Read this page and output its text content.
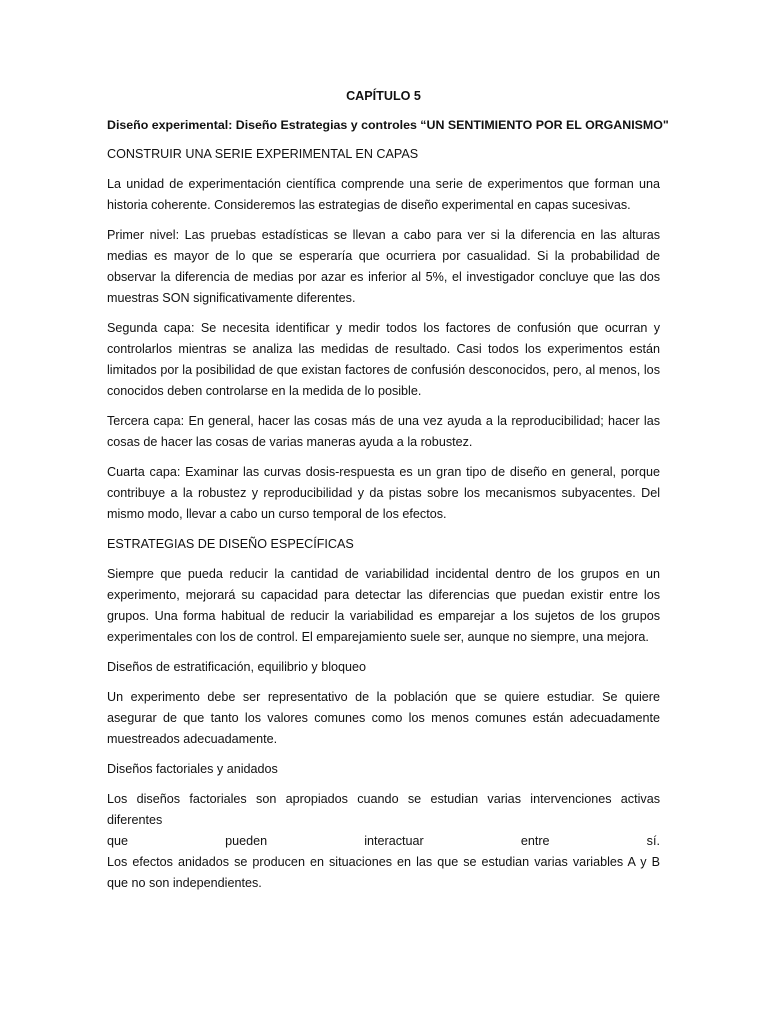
CAPÍTULO 5

Diseño experimental: Diseño Estrategias y controles “UN SENTIMIENTO POR EL ORGANISMO"

CONSTRUIR UNA SERIE EXPERIMENTAL EN CAPAS

La unidad de experimentación científica comprende una serie de experimentos que forman una historia coherente. Consideremos las estrategias de diseño experimental en capas sucesivas.

Primer nivel: Las pruebas estadísticas se llevan a cabo para ver si la diferencia en las alturas medias es mayor de lo que se esperaría que ocurriera por casualidad. Si la probabilidad de observar la diferencia de medias por azar es inferior al 5%, el investigador concluye que las dos muestras SON significativamente diferentes.

Segunda capa: Se necesita identificar y medir todos los factores de confusión que ocurran y controlarlos mientras se analiza las medidas de resultado. Casi todos los experimentos están limitados por la posibilidad de que existan factores de confusión desconocidos, pero, al menos, los conocidos deben controlarse en la medida de lo posible.

Tercera capa: En general, hacer las cosas más de una vez ayuda a la reproducibilidad; hacer las cosas de hacer las cosas de varias maneras ayuda a la robustez.

Cuarta capa: Examinar las curvas dosis-respuesta es un gran tipo de diseño en general, porque contribuye a la robustez y reproducibilidad y da pistas sobre los mecanismos subyacentes. Del mismo modo, llevar a cabo un curso temporal de los efectos.

ESTRATEGIAS DE DISEÑO ESPECÍFICAS

Siempre que pueda reducir la cantidad de variabilidad incidental dentro de los grupos en un experimento, mejorará su capacidad para detectar las diferencias que puedan existir entre los grupos. Una forma habitual de reducir la variabilidad es emparejar a los sujetos de los grupos experimentales con los de control. El emparejamiento suele ser, aunque no siempre, una mejora.

Diseños de estratificación, equilibrio y bloqueo

Un experimento debe ser representativo de la población que se quiere estudiar. Se quiere asegurar de que tanto los valores comunes como los menos comunes están adecuadamente muestreados adecuadamente.

Diseños factoriales y anidados

Los diseños factoriales son apropiados cuando se estudian varias intervenciones activas diferentes
que	pueden	interactuar	entre	sí.
Los efectos anidados se producen en situaciones en las que se estudian varias variables A y B que no son independientes.
